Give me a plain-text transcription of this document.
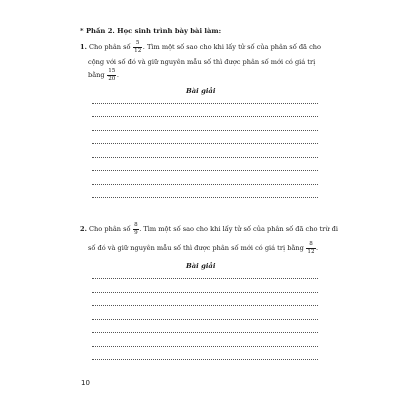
* Phần 2. Học sinh trình bày bài làm:
1. Cho phân số $\frac{5}{12}$ . Tìm một số sao cho khi lấy tử số của phân số đã cho
cộng với số đó và giữ nguyên mẫu số thì được phân số mới có giá trị
bằng $\frac{15}{20}$ .
Bài giải
2. Cho phân số $\frac{8}{9}$ . Tìm một số sao cho khi lấy tử số của phân số đã cho trừ đi
số đó và giữ nguyên mẫu số thì được phân số mới có giá trị bằng $\frac{8}{12}$ .
Bài giải
10
